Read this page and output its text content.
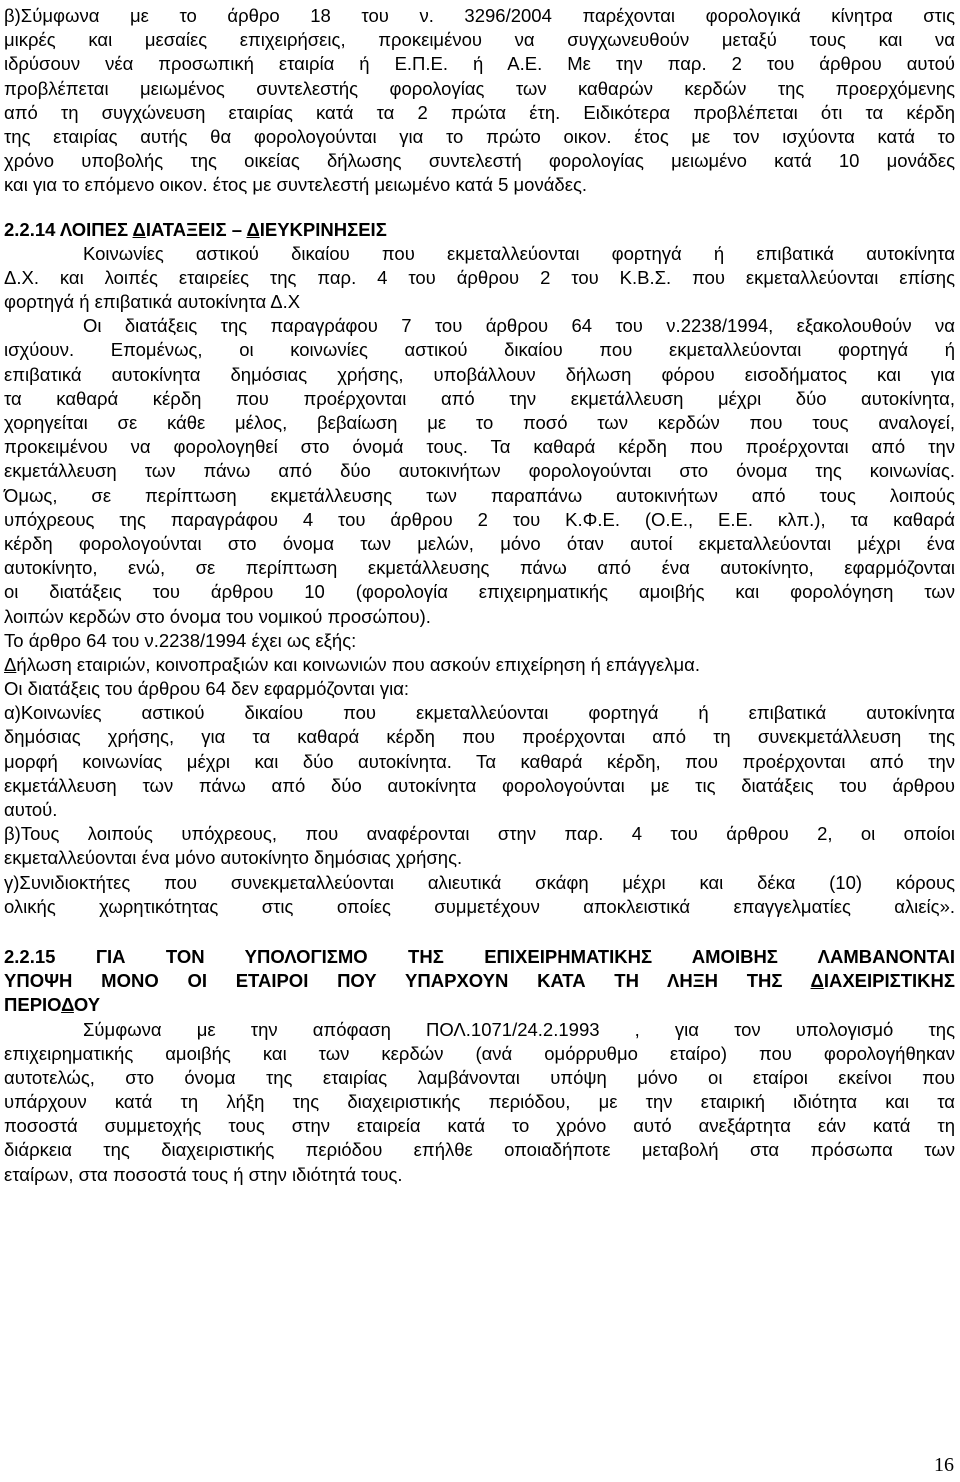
β)Σύμφωνα με το άρθρο 18 του ν. 3296/2004 παρέχονται φορολογικά κίνητρα στις
μικρές και μεσαίες επιχειρήσεις, προκειμένου να συγχωνευθούν μεταξύ τους και να
ιδρύσουν νέα προσωπική εταιρία ή Ε.Π.Ε. ή Α.Ε. Με την παρ. 2 του άρθρου αυτού
προβλέπεται μειωμένος συντελεστής φορολογίας των καθαρών κερδών της προερχόμενης
από τη συγχώνευση εταιρίας κατά τα 2 πρώτα έτη. Ειδικότερα προβλέπεται ότι τα κέρδη
της εταιρίας αυτής θα φορολογούνται για το πρώτο οικον. έτος με τον ισχύοντα κατά το
χρόνο υποβολής της οικείας δήλωσης συντελεστή φορολογίας μειωμένο κατά 10 μονάδες
και για το επόμενο οικον. έτος με συντελεστή μειωμένο κατά 5 μονάδες.
2.2.14 ΛΟΙΠΕΣ ΔΙΑΤΑΞΕΙΣ – ΔΙΕΥΚΡΙΝΗΣΕΙΣ
Κοινωνίες αστικού δικαίου που εκμεταλλεύονται φορτηγά ή επιβατικά αυτοκίνητα
Δ.Χ. και λοιπές εταιρείες της παρ. 4 του άρθρου 2 του Κ.Β.Σ. που εκμεταλλεύονται επίσης
φορτηγά ή επιβατικά αυτοκίνητα Δ.Χ
Οι διατάξεις της παραγράφου 7 του άρθρου 64 του ν.2238/1994, εξακολουθούν να
ισχύουν. Επομένως, οι κοινωνίες αστικού δικαίου που εκμεταλλεύονται φορτηγά ή
επιβατικά αυτοκίνητα δημόσιας χρήσης, υποβάλλουν δήλωση φόρου εισοδήματος και για
τα καθαρά κέρδη που προέρχονται από την εκμετάλλευση μέχρι δύο αυτοκίνητα,
χορηγείται σε κάθε μέλος, βεβαίωση με το ποσό των κερδών που τους αναλογεί,
προκειμένου να φορολογηθεί στο όνομά τους. Τα καθαρά κέρδη που προέρχονται από την
εκμετάλλευση των πάνω από δύο αυτοκινήτων φορολογούνται στο όνομα της κοινωνίας.
Όμως, σε περίπτωση εκμετάλλευσης των παραπάνω αυτοκινήτων από τους λοιπούς
υπόχρεους της παραγράφου 4 του άρθρου 2 του Κ.Φ.Ε. (Ο.Ε., Ε.Ε. κλπ.), τα καθαρά
κέρδη φορολογούνται στο όνομα των μελών, μόνο όταν αυτοί εκμεταλλεύονται μέχρι ένα
αυτοκίνητο, ενώ, σε περίπτωση εκμετάλλευσης πάνω από ένα αυτοκίνητο, εφαρμόζονται
οι διατάξεις του άρθρου 10 (φορολογία επιχειρηματικής αμοιβής και φορολόγηση των
λοιπών κερδών στο όνομα του νομικού προσώπου).
Το άρθρο 64 του ν.2238/1994 έχει ως εξής:
Δήλωση εταιριών, κοινοπραξιών και κοινωνιών που ασκούν επιχείρηση ή επάγγελμα.
Οι διατάξεις του άρθρου 64 δεν εφαρμόζονται για:
α)Κοινωνίες αστικού δικαίου που εκμεταλλεύονται φορτηγά ή επιβατικά αυτοκίνητα
δημόσιας χρήσης, για τα καθαρά κέρδη που προέρχονται από τη συνεκμετάλλευση της
μορφή κοινωνίας μέχρι και δύο αυτοκίνητα. Τα καθαρά κέρδη, που προέρχονται από την
εκμετάλλευση των πάνω από δύο αυτοκίνητα φορολογούνται με τις διατάξεις του άρθρου
αυτού.
β)Τους λοιπούς υπόχρεους, που αναφέρονται στην παρ. 4 του άρθρου 2, οι οποίοι
εκμεταλλεύονται ένα μόνο αυτοκίνητο δημόσιας χρήσης.
γ)Συνιδιοκτήτες που συνεκμεταλλεύονται αλιευτικά σκάφη μέχρι και δέκα (10) κόρους
ολικής χωρητικότητας στις οποίες συμμετέχουν αποκλειστικά επαγγελματίες αλιείς».
2.2.15 ΓΙΑ ΤΟΝ ΥΠΟΛΟΓΙΣΜΟ ΤΗΣ ΕΠΙΧΕΙΡΗΜΑΤΙΚΗΣ ΑΜΟΙΒΗΣ ΛΑΜΒΑΝΟΝΤΑΙ
ΥΠΟΨΗ ΜΟΝΟ ΟΙ ΕΤΑΙΡΟΙ ΠΟΥ ΥΠΑΡΧΟΥΝ ΚΑΤΑ ΤΗ ΛΗΞΗ ΤΗΣ ΔΙΑΧΕΙΡΙΣΤΙΚΗΣ
ΠΕΡΙΟΔΟΥ
Σύμφωνα με την απόφαση ΠΟΛ.1071/24.2.1993 , για τον υπολογισμό της
επιχειρηματικής αμοιβής και των κερδών (ανά ομόρρυθμο εταίρο) που φορολογήθηκαν
αυτοτελώς, στο όνομα της εταιρίας λαμβάνονται υπόψη μόνο οι εταίροι εκείνοι που
υπάρχουν κατά τη λήξη της διαχειριστικής περιόδου, με την εταιρική ιδιότητα και τα
ποσοστά συμμετοχής τους στην εταιρεία κατά το χρόνο αυτό ανεξάρτητα εάν κατά τη
διάρκεια της διαχειριστικής περιόδου επήλθε οποιαδήποτε μεταβολή στα πρόσωπα των
εταίρων, στα ποσοστά τους ή στην ιδιότητά τους.
16
